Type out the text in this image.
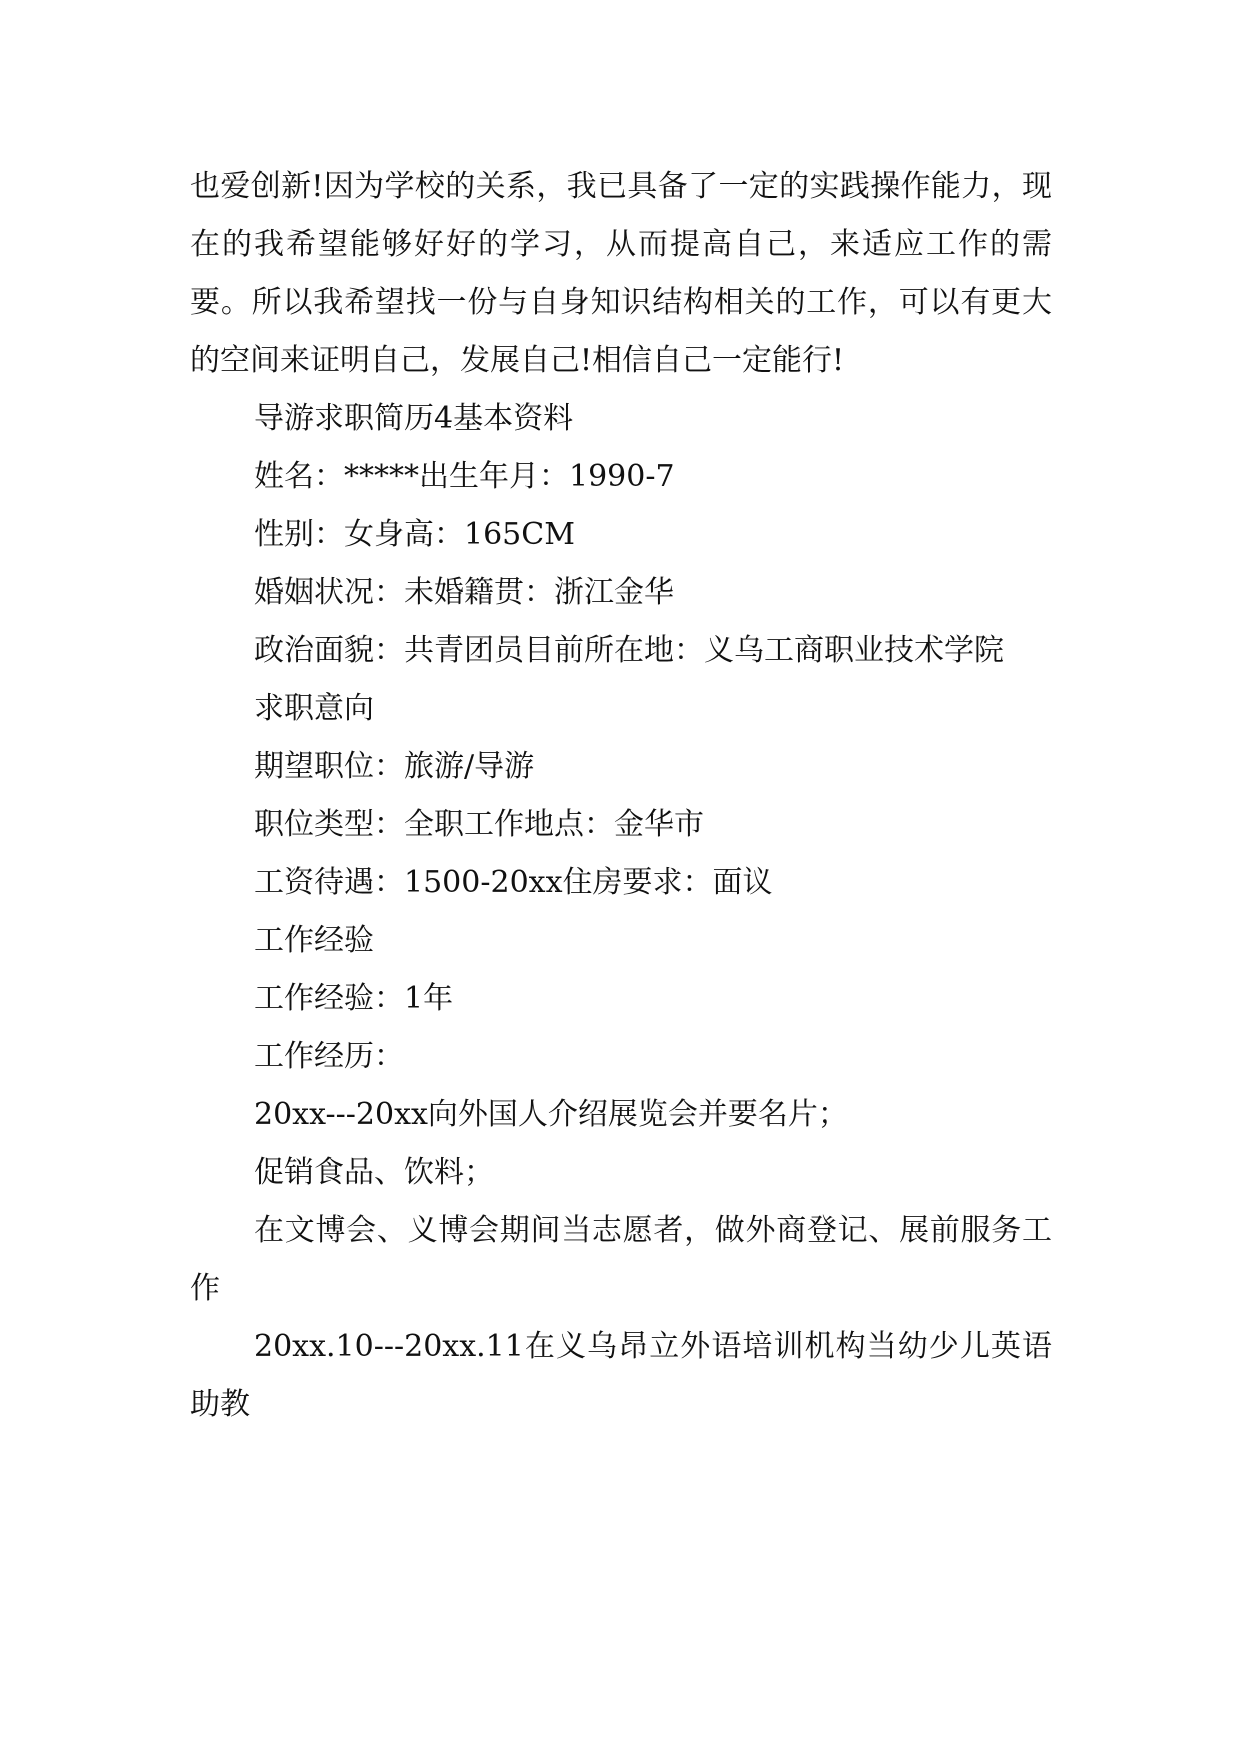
也爱创新!因为学校的关系，我已具备了一定的实践操作能力，现在的我希望能够好好的学习，从而提高自己，来适应工作的需要。所以我希望找一份与自身知识结构相关的工作，可以有更大的空间来证明自己，发展自己!相信自己一定能行!

导游求职简历4基本资料

姓名：*****出生年月：1990-7

性别：女身高：165CM

婚姻状况：未婚籍贯：浙江金华

政治面貌：共青团员目前所在地：义乌工商职业技术学院

求职意向

期望职位：旅游/导游

职位类型：全职工作地点：金华市

工资待遇：1500-20xx住房要求：面议

工作经验

工作经验：1年

工作经历：

20xx---20xx向外国人介绍展览会并要名片；

促销食品、饮料；

在文博会、义博会期间当志愿者，做外商登记、展前服务工作

20xx.10---20xx.11在义乌昂立外语培训机构当幼少儿英语助教
